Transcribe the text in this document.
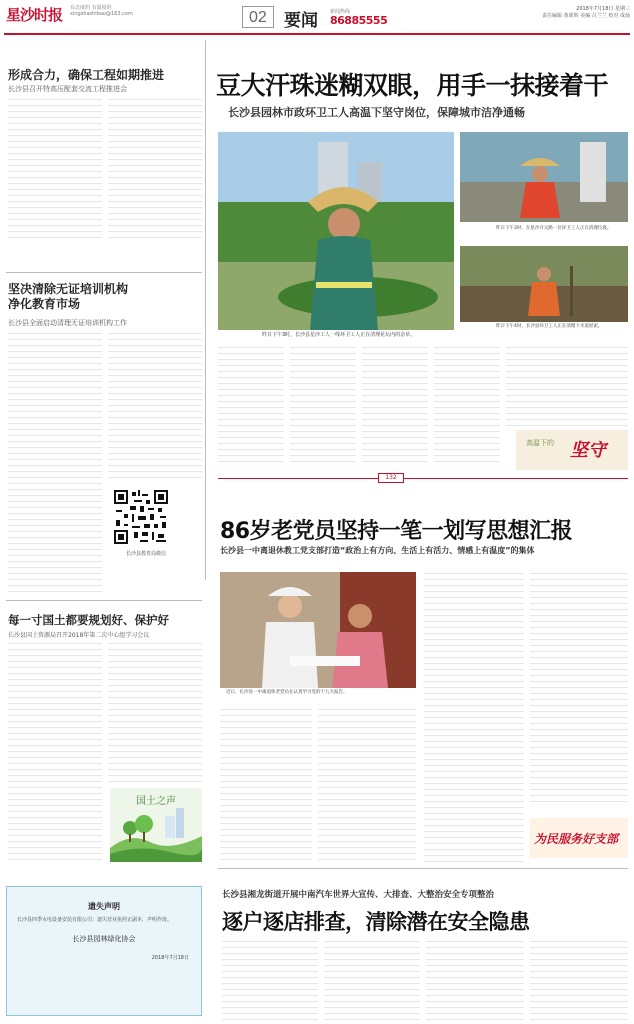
星沙时报 有态度的 有温度的
xingshashibao@163.com	02	要闻 新闻热线
86885555
2018年7月18日 星期三
责任编辑 黄新辉 美编 吕兰兰 校对 成灿
形成合力，确保工程如期推进
长沙县召开特高压配套交流工程推进会
坚决清除无证培训机构
净化教育市场
长沙县全面启动清理无证培训机构工作
长沙县教育局微信
每一寸国土都要规划好、保护好
长沙县国土资源局召开2018年第二次中心组学习会议
国土之声
遗失声明
长沙县四季水电设备安装有限公司：遗失营业执照正副本，声明作废。
长沙县园林绿化协会
2018年7月18日
豆大汗珠迷糊双眼，用手一抹接着干
长沙县园林市政环卫工人高温下坚守岗位，保障城市洁净通畅
昨日下午3时，长沙县星沙工人一线环卫工人正在清理花坛内的杂草。
昨日下午3时，在星沙开元路一位环卫工人正在清理垃圾。
昨日下午4时，长沙县环卫工人正在清理下水道淤泥。
高温下的 坚守
132
86岁老党员坚持一笔一划写思想汇报
长沙县一中离退休教工党支部打造“政治上有方向、生活上有活力、情感上有温度”的集体
近日，长沙县一中离退休老党员在认真学习党的十九大报告。
为民服务好支部
长沙县湘龙街道开展中南汽车世界大宣传、大排查、大整治安全专项整治
逐户逐店排查，清除潜在安全隐患
